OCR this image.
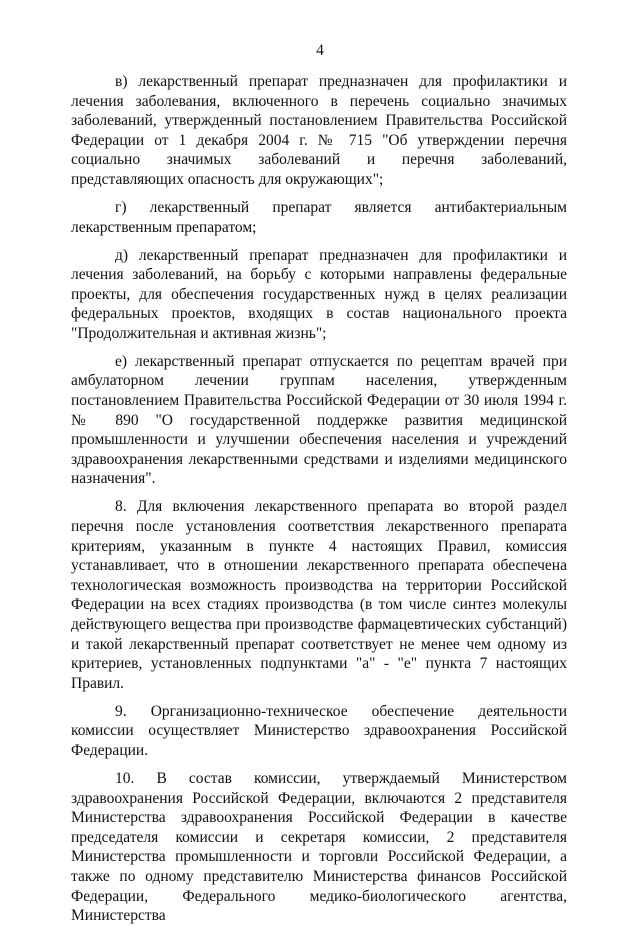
4

в) лекарственный препарат предназначен для профилактики и лечения заболевания, включенного в перечень социально значимых заболеваний, утвержденный постановлением Правительства Российской Федерации от 1 декабря 2004 г. № 715 "Об утверждении перечня социально значимых заболеваний и перечня заболеваний, представляющих опасность для окружающих";

г) лекарственный препарат является антибактериальным лекарственным препаратом;

д) лекарственный препарат предназначен для профилактики и лечения заболеваний, на борьбу с которыми направлены федеральные проекты, для обеспечения государственных нужд в целях реализации федеральных проектов, входящих в состав национального проекта "Продолжительная и активная жизнь";

е) лекарственный препарат отпускается по рецептам врачей при амбулаторном лечении группам населения, утвержденным постановлением Правительства Российской Федерации от 30 июля 1994 г. № 890 "О государственной поддержке развития медицинской промышленности и улучшении обеспечения населения и учреждений здравоохранения лекарственными средствами и изделиями медицинского назначения".

8. Для включения лекарственного препарата во второй раздел перечня после установления соответствия лекарственного препарата критериям, указанным в пункте 4 настоящих Правил, комиссия устанавливает, что в отношении лекарственного препарата обеспечена технологическая возможность производства на территории Российской Федерации на всех стадиях производства (в том числе синтез молекулы действующего вещества при производстве фармацевтических субстанций) и такой лекарственный препарат соответствует не менее чем одному из критериев, установленных подпунктами "а" - "е" пункта 7 настоящих Правил.

9. Организационно-техническое обеспечение деятельности комиссии осуществляет Министерство здравоохранения Российской Федерации.

10. В состав комиссии, утверждаемый Министерством здравоохранения Российской Федерации, включаются 2 представителя Министерства здравоохранения Российской Федерации в качестве председателя комиссии и секретаря комиссии, 2 представителя Министерства промышленности и торговли Российской Федерации, а также по одному представителю Министерства финансов Российской Федерации, Федерального медико-биологического агентства, Министерства
